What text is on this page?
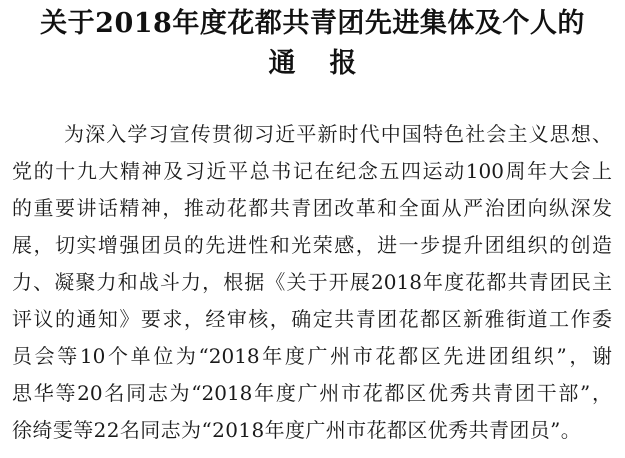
关于2018年度花都共青团先进集体及个人的
通 报
为深入学习宣传贯彻习近平新时代中国特色社会主义思想、
党的十九大精神及习近平总书记在纪念五四运动100周年大会上
的重要讲话精神，推动花都共青团改革和全面从严治团向纵深发
展，切实增强团员的先进性和光荣感，进一步提升团组织的创造
力、凝聚力和战斗力，根据《关于开展2018年度花都共青团民主
评议的通知》要求，经审核，确定共青团花都区新雅街道工作委
员会等10个单位为“2018年度广州市花都区先进团组织”，谢
思华等20名同志为“2018年度广州市花都区优秀共青团干部”，
徐绮雯等22名同志为“2018年度广州市花都区优秀共青团员”。
